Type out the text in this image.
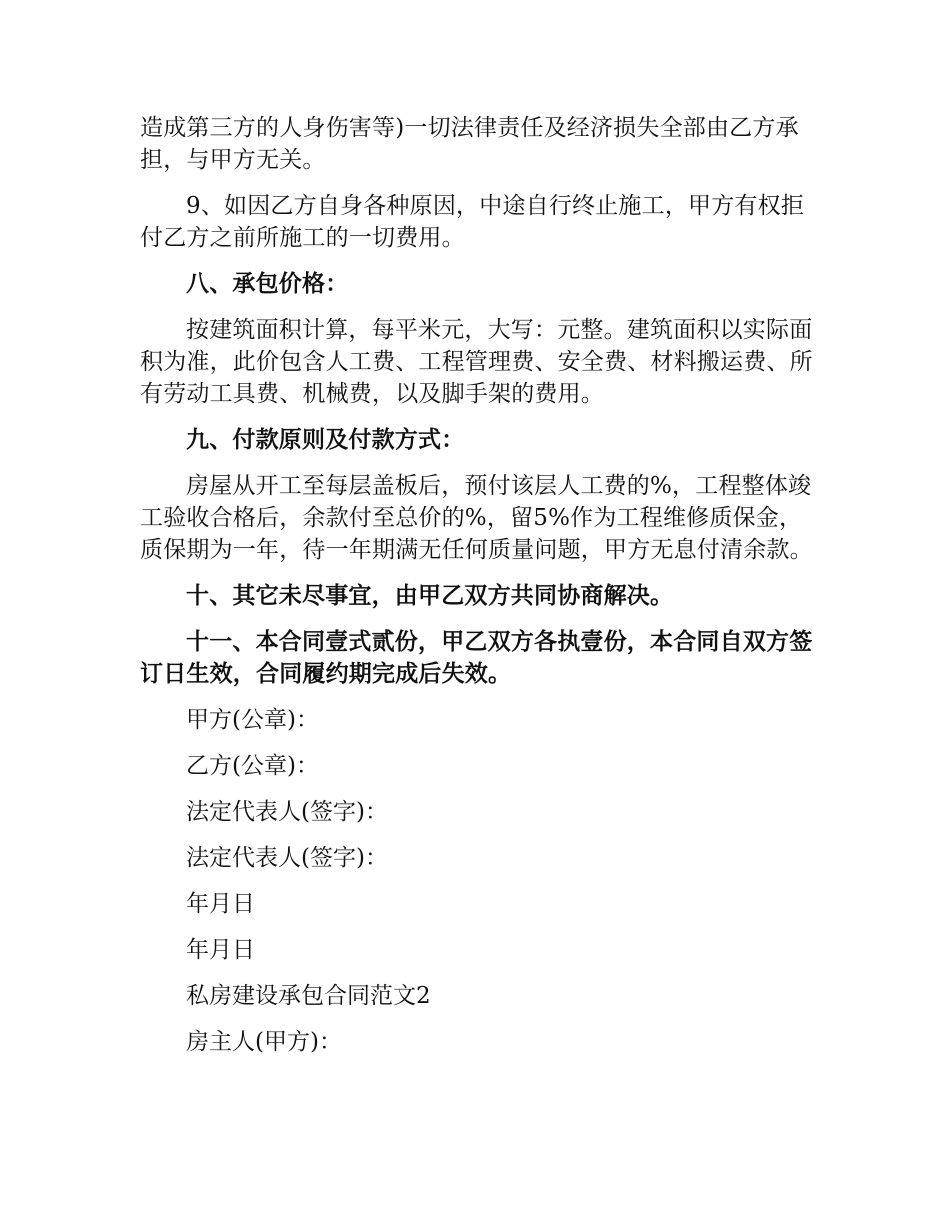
造成第三方的人身伤害等)一切法律责任及经济损失全部由乙方承担，与甲方无关。

9、如因乙方自身各种原因，中途自行终止施工，甲方有权拒付乙方之前所施工的一切费用。

八、承包价格：

按建筑面积计算，每平米元，大写：元整。建筑面积以实际面积为准，此价包含人工费、工程管理费、安全费、材料搬运费、所有劳动工具费、机械费，以及脚手架的费用。

九、付款原则及付款方式：

房屋从开工至每层盖板后，预付该层人工费的%，工程整体竣工验收合格后，余款付至总价的%，留5%作为工程维修质保金，质保期为一年，待一年期满无任何质量问题，甲方无息付清余款。

十、其它未尽事宜，由甲乙双方共同协商解决。

十一、本合同壹式贰份，甲乙双方各执壹份，本合同自双方签订日生效，合同履约期完成后失效。

甲方(公章)：
乙方(公章)：
法定代表人(签字)：
法定代表人(签字)：
年月日
年月日
私房建设承包合同范文2
房主人(甲方)：
